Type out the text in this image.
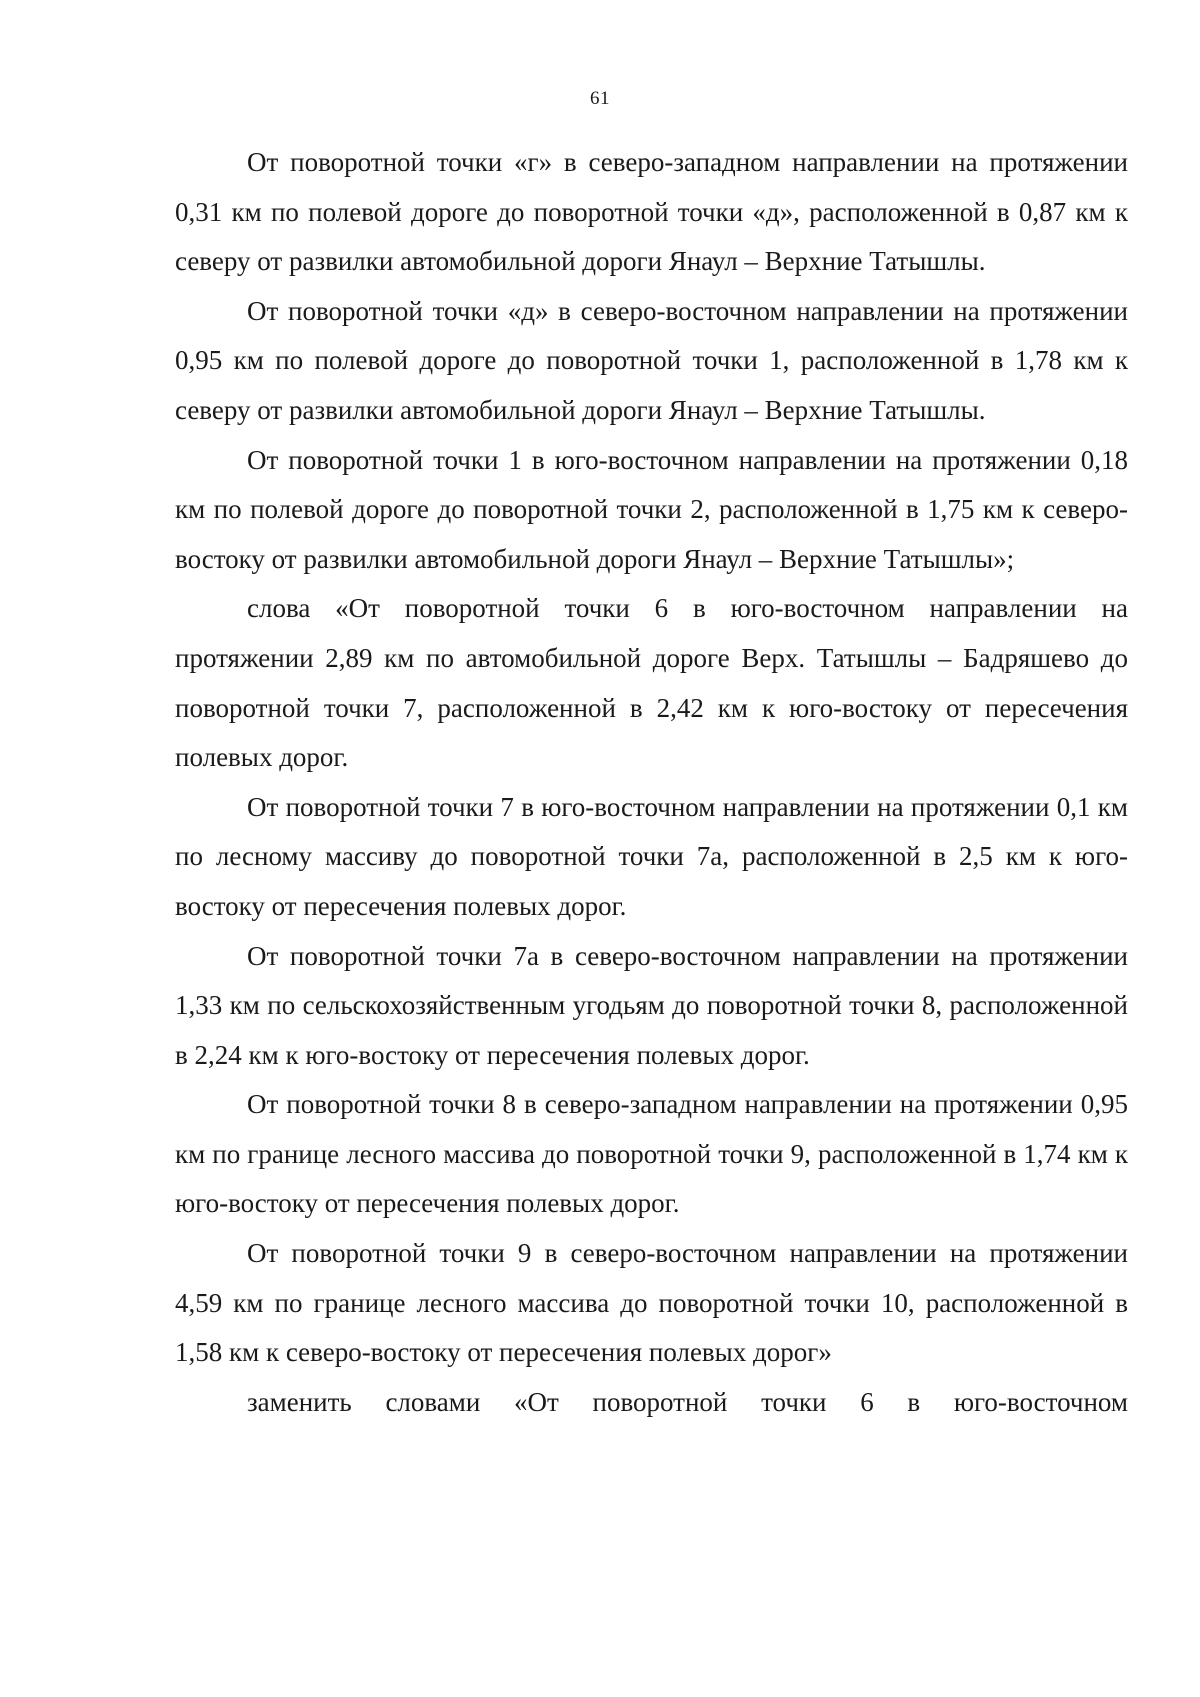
61

От поворотной точки «г» в северо-западном направлении на протяжении 0,31 км по полевой дороге до поворотной точки «д», расположенной в 0,87 км к северу от развилки автомобильной дороги Янаул – Верхние Татышлы.

От поворотной точки «д» в северо-восточном направлении на протяжении 0,95 км по полевой дороге до поворотной точки 1, расположенной в 1,78 км к северу от развилки автомобильной дороги Янаул – Верхние Татышлы.

От поворотной точки 1 в юго-восточном направлении на протяжении 0,18 км по полевой дороге до поворотной точки 2, расположенной в 1,75 км к северо-востоку от развилки автомобильной дороги Янаул – Верхние Татышлы»;

слова «От поворотной точки 6 в юго-восточном направлении на протяжении 2,89 км по автомобильной дороге Верх. Татышлы – Бадряшево до поворотной точки 7, расположенной в 2,42 км к юго-востоку от пересечения полевых дорог.

От поворотной точки 7 в юго-восточном направлении на протяжении 0,1 км по лесному массиву до поворотной точки 7а, расположенной в 2,5 км к юго-востоку от пересечения полевых дорог.

От поворотной точки 7а в северо-восточном направлении на протяжении 1,33 км по сельскохозяйственным угодьям до поворотной точки 8, расположенной в 2,24 км к юго-востоку от пересечения полевых дорог.

От поворотной точки 8 в северо-западном направлении на протяжении 0,95 км по границе лесного массива до поворотной точки 9, расположенной в 1,74 км к юго-востоку от пересечения полевых дорог.

От поворотной точки 9 в северо-восточном направлении на протяжении 4,59 км по границе лесного массива до поворотной точки 10, расположенной в 1,58 км к северо-востоку от пересечения полевых дорог»

заменить словами «От поворотной точки 6 в юго-восточном
